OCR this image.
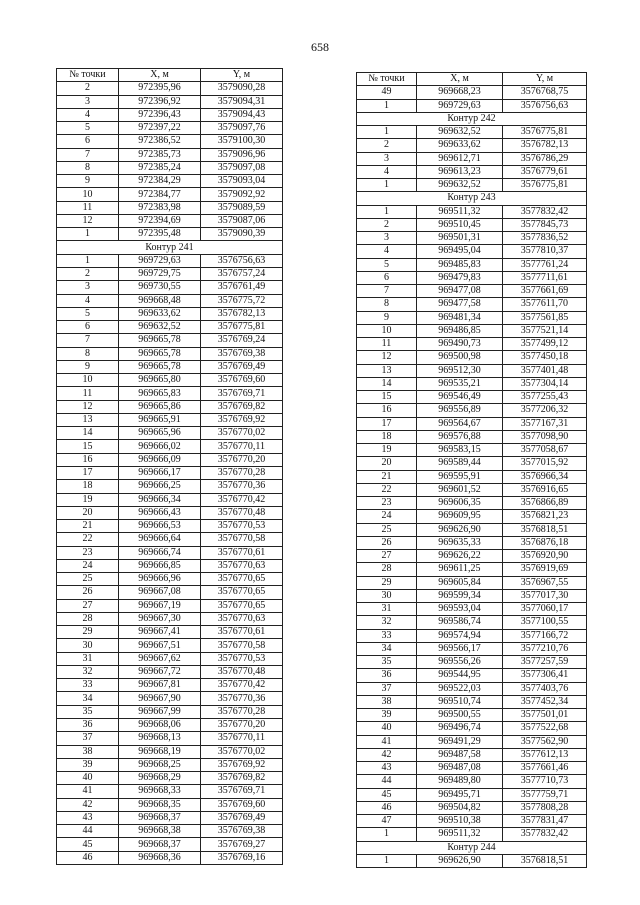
658
№ точки	X, м	Y, м
2	972395,96	3579090,28
3	972396,92	3579094,31
4	972396,43	3579094,43
5	972397,22	3579097,76
6	972386,52	3579100,30
7	972385,73	3579096,96
8	972385,24	3579097,08
9	972384,29	3579093,04
10	972384,77	3579092,92
11	972383,98	3579089,59
12	972394,69	3579087,06
1	972395,48	3579090,39
Контур 241		
1	969729,63	3576756,63
2	969729,75	3576757,24
3	969730,55	3576761,49
4	969668,48	3576775,72
5	969633,62	3576782,13
6	969632,52	3576775,81
7	969665,78	3576769,24
8	969665,78	3576769,38
9	969665,78	3576769,49
10	969665,80	3576769,60
11	969665,83	3576769,71
12	969665,86	3576769,82
13	969665,91	3576769,92
14	969665,96	3576770,02
15	969666,02	3576770,11
16	969666,09	3576770,20
17	969666,17	3576770,28
18	969666,25	3576770,36
19	969666,34	3576770,42
20	969666,43	3576770,48
21	969666,53	3576770,53
22	969666,64	3576770,58
23	969666,74	3576770,61
24	969666,85	3576770,63
25	969666,96	3576770,65
26	969667,08	3576770,65
27	969667,19	3576770,65
28	969667,30	3576770,63
29	969667,41	3576770,61
30	969667,51	3576770,58
31	969667,62	3576770,53
32	969667,72	3576770,48
33	969667,81	3576770,42
34	969667,90	3576770,36
35	969667,99	3576770,28
36	969668,06	3576770,20
37	969668,13	3576770,11
38	969668,19	3576770,02
39	969668,25	3576769,92
40	969668,29	3576769,82
41	969668,33	3576769,71
42	969668,35	3576769,60
43	969668,37	3576769,49
44	969668,38	3576769,38
45	969668,37	3576769,27
46	969668,36	3576769,16
№ точки	X, м	Y, м
49	969668,23	3576768,75
1	969729,63	3576756,63
Контур 242		
1	969632,52	3576775,81
2	969633,62	3576782,13
3	969612,71	3576786,29
4	969613,23	3576779,61
1	969632,52	3576775,81
Контур 243		
1	969511,32	3577832,42
2	969510,45	3577845,73
3	969501,31	3577836,52
4	969495,04	3577810,37
5	969485,83	3577761,24
6	969479,83	3577711,61
7	969477,08	3577661,69
8	969477,58	3577611,70
9	969481,34	3577561,85
10	969486,85	3577521,14
11	969490,73	3577499,12
12	969500,98	3577450,18
13	969512,30	3577401,48
14	969535,21	3577304,14
15	969546,49	3577255,43
16	969556,89	3577206,32
17	969564,67	3577167,31
18	969576,88	3577098,90
19	969583,15	3577058,67
20	969589,44	3577015,92
21	969595,91	3576966,34
22	969601,52	3576916,65
23	969606,35	3576866,89
24	969609,95	3576821,23
25	969626,90	3576818,51
26	969635,33	3576876,18
27	969626,22	3576920,90
28	969611,25	3576919,69
29	969605,84	3576967,55
30	969599,34	3577017,30
31	969593,04	3577060,17
32	969586,74	3577100,55
33	969574,94	3577166,72
34	969566,17	3577210,76
35	969556,26	3577257,59
36	969544,95	3577306,41
37	969522,03	3577403,76
38	969510,74	3577452,34
39	969500,55	3577501,01
40	969496,74	3577522,68
41	969491,29	3577562,90
42	969487,58	3577612,13
43	969487,08	3577661,46
44	969489,80	3577710,73
45	969495,71	3577759,71
46	969504,82	3577808,28
47	969510,38	3577831,47
1	969511,32	3577832,42
Контур 244		
1	969626,90	3576818,51
